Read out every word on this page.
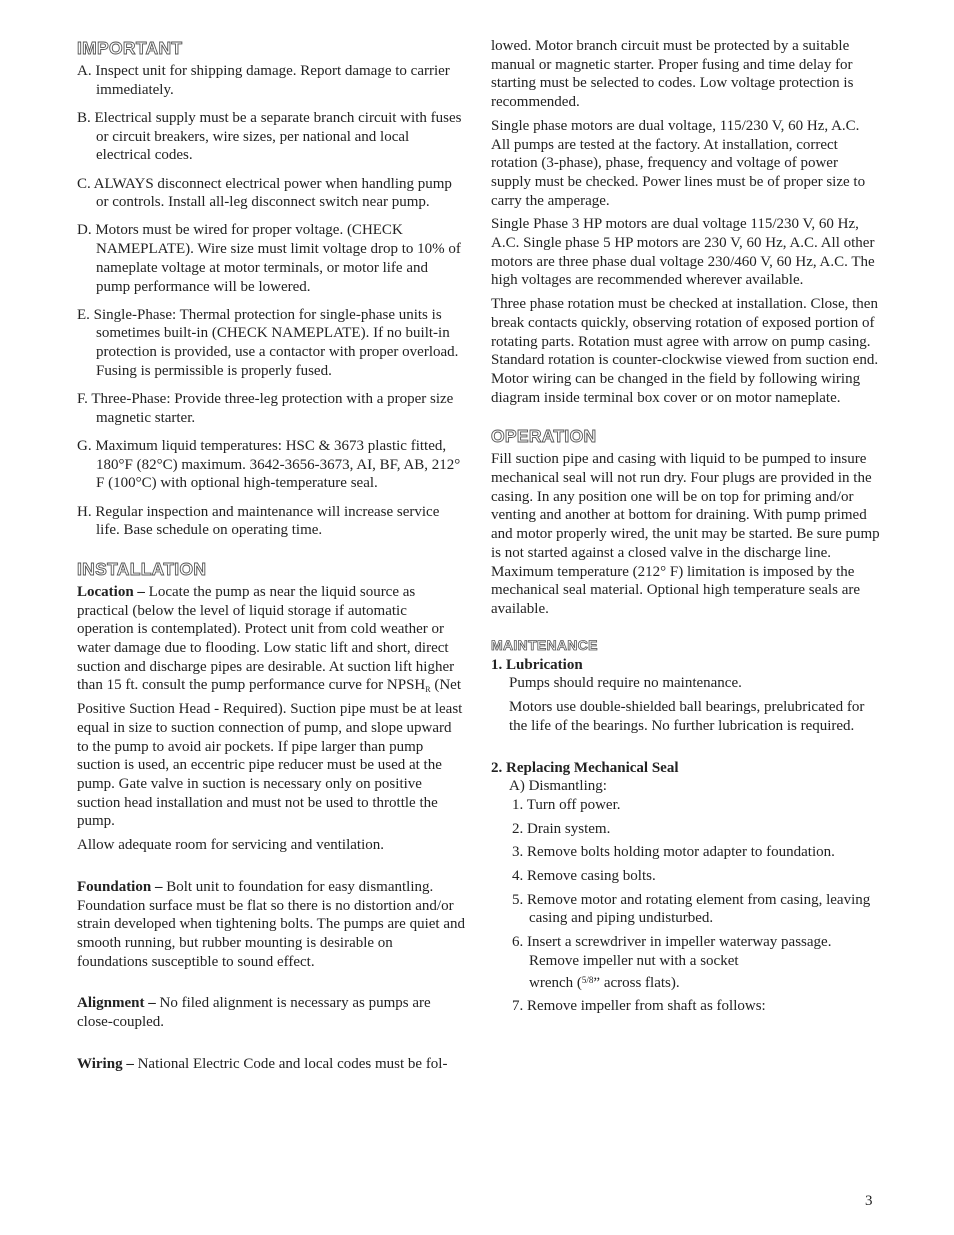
IMPORTANT
A. Inspect unit for shipping damage. Report damage to carrier immediately.
B. Electrical supply must be a separate branch circuit with fuses or circuit breakers, wire sizes, per national and local electrical codes.
C. ALWAYS disconnect electrical power when handling pump or controls. Install all-leg disconnect switch near pump.
D. Motors must be wired for proper voltage. (CHECK NAMEPLATE). Wire size must limit voltage drop to 10% of nameplate voltage at motor terminals, or motor life and pump performance will be lowered.
E. Single-Phase: Thermal protection for single-phase units is sometimes built-in (CHECK NAMEPLATE). If no built-in protection is provided, use a contactor with proper overload. Fusing is permissible is properly fused.
F. Three-Phase: Provide three-leg protection with a proper size magnetic starter.
G. Maximum liquid temperatures: HSC & 3673 plastic fitted, 180°F (82°C) maximum. 3642-3656-3673, AI, BF, AB, 212° F (100°C) with optional high-temperature seal.
H. Regular inspection and maintenance will increase service life. Base schedule on operating time.
INSTALLATION

Location – Locate the pump as near the liquid source as practical (below the level of liquid storage if automatic operation is contemplated). Protect unit from cold weather or water damage due to flooding. Low static lift and short, direct suction and discharge pipes are desirable. At suction lift higher than 15 ft. consult the pump performance curve for $NPSH_R$ (Net Positive Suction Head - Required). Suction pipe must be at least equal in size to suction connection of pump, and slope upward to the pump to avoid air pockets. If pipe larger than pump suction is used, an eccentric pipe reducer must be used at the pump. Gate valve in suction is necessary only on positive suction head installation and must not be used to throttle the pump.

Allow adequate room for servicing and ventilation.

Foundation – Bolt unit to foundation for easy dismantling. Foundation surface must be flat so there is no distortion and/or strain developed when tightening bolts. The pumps are quiet and smooth running, but rubber mounting is desirable on foundations susceptible to sound effect.

Alignment – No filed alignment is necessary as pumps are close-coupled.

Wiring – National Electric Code and local codes must be fol-

lowed. Motor branch circuit must be protected by a suitable manual or magnetic starter. Proper fusing and time delay for starting must be selected to codes. Low voltage protection is recommended.

Single phase motors are dual voltage, 115/230 V, 60 Hz, A.C. All pumps are tested at the factory. At installation, correct rotation (3-phase), phase, frequency and voltage of power supply must be checked. Power lines must be of proper size to carry the amperage.

Single Phase 3 HP motors are dual voltage 115/230 V, 60 Hz, A.C. Single phase 5 HP motors are 230 V, 60 Hz, A.C. All other motors are three phase dual voltage 230/460 V, 60 Hz, A.C. The high voltages are recommended wherever available.

Three phase rotation must be checked at installation. Close, then break contacts quickly, observing rotation of exposed portion of rotating parts. Rotation must agree with arrow on pump casing. Standard rotation is counter-clockwise viewed from suction end. Motor wiring can be changed in the field by following wiring diagram inside terminal box cover or on motor nameplate.

OPERATION

Fill suction pipe and casing with liquid to be pumped to insure mechanical seal will not run dry. Four plugs are provided in the casing. In any position one will be on top for priming and/or venting and another at bottom for draining. With pump primed and motor properly wired, the unit may be started. Be sure pump is not started against a closed valve in the discharge line.

Maximum temperature (212° F) limitation is imposed by the mechanical seal material. Optional high temperature seals are available.

MAINTENANCE
1. Lubrication

Pumps should require no maintenance.

Motors use double-shielded ball bearings, prelubricated for the life of the bearings. No further lubrication is required.

2. Replacing Mechanical Seal
A) Dismantling:
1. Turn off power.
2. Drain system.
3. Remove bolts holding motor adapter to foundation.
4. Remove casing bolts.
5. Remove motor and rotating element from casing, leaving casing and piping undisturbed.
6. Insert a screwdriver in impeller waterway passage. Remove impeller nut with a socket
wrench ($^{5/8}$” across flats).
7. Remove impeller from shaft as follows:
3
